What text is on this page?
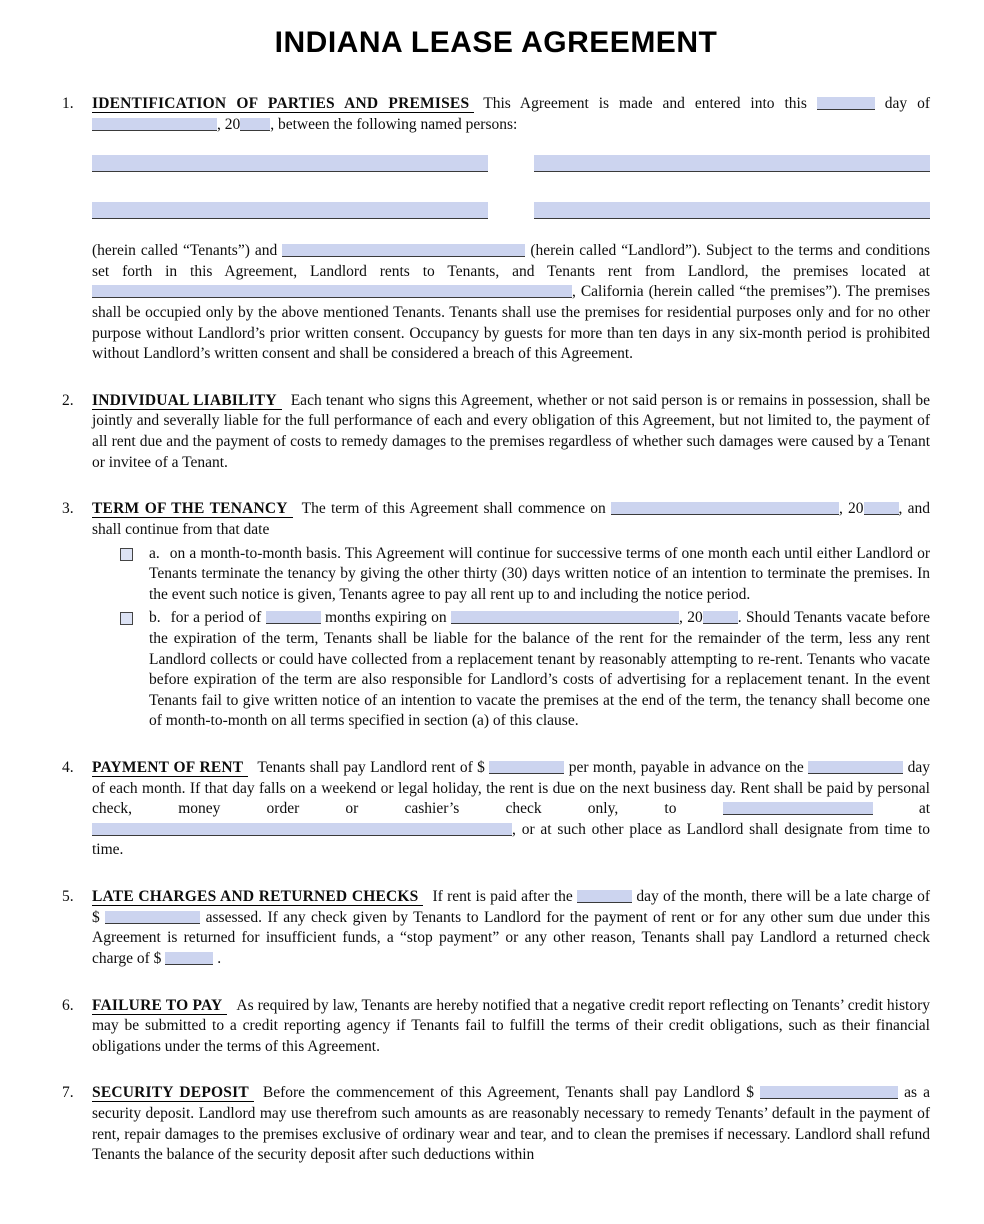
INDIANA LEASE AGREEMENT
1.	IDENTIFICATION OF PARTIES AND PREMISES This Agreement is made and entered into this	day of , 20 , between the following named persons:

(herein called “Tenants”) and	(herein called “Landlord”). Subject to the terms and conditions set forth in this Agreement, Landlord rents to Tenants, and Tenants rent from Landlord, the premises located at , California (herein called “the premises”). The premises shall be occupied only by the above mentioned Tenants. Tenants shall use the premises for residential purposes only and for no other purpose without Landlord’s prior written consent. Occupancy by guests for more than ten days in any six-month period is prohibited without Landlord’s written consent and shall be considered a breach of this Agreement.

2.	INDIVIDUAL LIABILITY Each tenant who signs this Agreement, whether or not said person is or remains in possession, shall be jointly and severally liable for the full performance of each and every obligation of this Agreement, but not limited to, the payment of all rent due and the payment of costs to remedy damages to the premises regardless of whether such damages were caused by a Tenant or invitee of a Tenant.

3.	TERM OF THE TENANCY The term of this Agreement shall commence on	, 20 , and shall continue from that date

a. on a month-to-month basis. This Agreement will continue for successive terms of one month each until either Landlord or Tenants terminate the tenancy by giving the other thirty (30) days written notice of an intention to terminate the premises. In the event such notice is given, Tenants agree to pay all rent up to and including the notice period.
b. for a period of	months expiring on	, 20 . Should Tenants vacate before the expiration of the term, Tenants shall be liable for the balance of the rent for the remainder of the term, less any rent Landlord collects or could have collected from a replacement tenant by reasonably attempting to re-rent. Tenants who vacate before expiration of the term are also responsible for Landlord’s costs of advertising for a replacement tenant. In the event Tenants fail to give written notice of an intention to vacate the premises at the end of the term, the tenancy shall become one of month-to-month on all terms specified in section (a) of this clause.
4.	PAYMENT OF RENT Tenants shall pay Landlord rent of $	per month, payable in advance on the	day of each month. If that day falls on a weekend or legal holiday, the rent is due on the next business day. Rent shall be paid by personal check, money order or cashier’s check only, to	at , or at such other place as Landlord shall designate from time to time.

5.	LATE CHARGES AND RETURNED CHECKS If rent is paid after the	day of the month, there will be a late charge of $	assessed. If any check given by Tenants to Landlord for the payment of rent or for any other sum due under this Agreement is returned for insufficient funds, a “stop payment” or any other reason, Tenants shall pay Landlord a returned check charge of $	.

6.	FAILURE TO PAY As required by law, Tenants are hereby notified that a negative credit report reflecting on Tenants’ credit history may be submitted to a credit reporting agency if Tenants fail to fulfill the terms of their credit obligations, such as their financial obligations under the terms of this Agreement.

7.	SECURITY DEPOSIT Before the commencement of this Agreement, Tenants shall pay Landlord $	as a security deposit. Landlord may use therefrom such amounts as are reasonably necessary to remedy Tenants’ default in the payment of rent, repair damages to the premises exclusive of ordinary wear and tear, and to clean the premises if necessary. Landlord shall refund Tenants the balance of the security deposit after such deductions within
